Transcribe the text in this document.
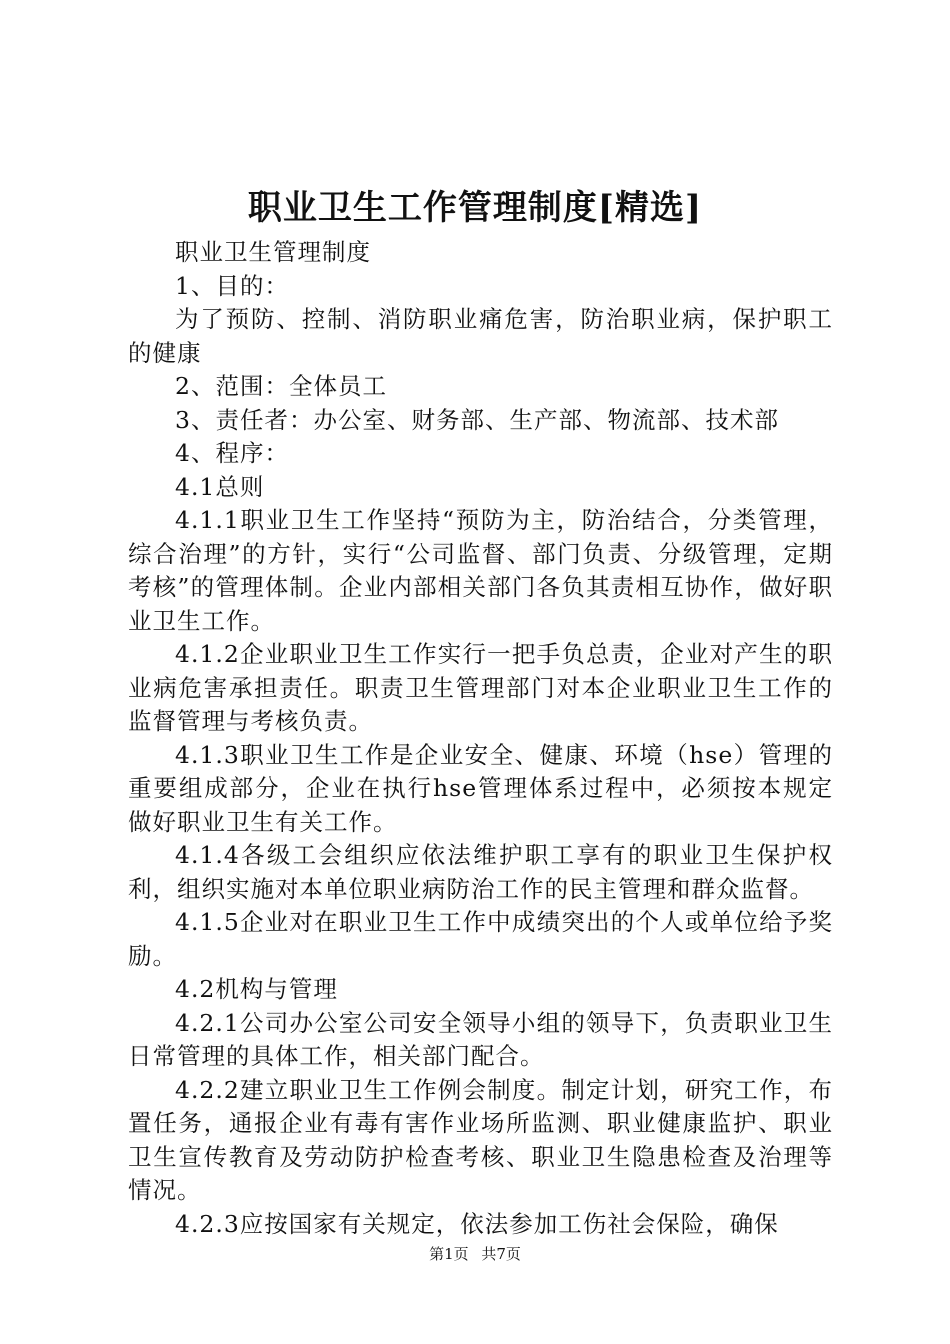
职业卫生工作管理制度[精选]

职业卫生管理制度

1、目的：

为了预防、控制、消防职业痛危害，防治职业病，保护职工的健康

2、范围：全体员工

3、责任者：办公室、财务部、生产部、物流部、技术部

4、程序：

4.1总则

4.1.1职业卫生工作坚持“预防为主，防治结合，分类管理，综合治理”的方针，实行“公司监督、部门负责、分级管理，定期考核”的管理体制。企业内部相关部门各负其责相互协作，做好职业卫生工作。

4.1.2企业职业卫生工作实行一把手负总责，企业对产生的职业病危害承担责任。职责卫生管理部门对本企业职业卫生工作的监督管理与考核负责。

4.1.3职业卫生工作是企业安全、健康、环境（hse）管理的重要组成部分，企业在执行hse管理体系过程中，必须按本规定做好职业卫生有关工作。

4.1.4各级工会组织应依法维护职工享有的职业卫生保护权利，组织实施对本单位职业病防治工作的民主管理和群众监督。

4.1.5企业对在职业卫生工作中成绩突出的个人或单位给予奖励。

4.2机构与管理

4.2.1公司办公室公司安全领导小组的领导下，负责职业卫生日常管理的具体工作，相关部门配合。

4.2.2建立职业卫生工作例会制度。制定计划，研究工作，布置任务，通报企业有毒有害作业场所监测、职业健康监护、职业卫生宣传教育及劳动防护检查考核、职业卫生隐患检查及治理等情况。

4.2.3应按国家有关规定，依法参加工伤社会保险，确保

第1页 共7页
